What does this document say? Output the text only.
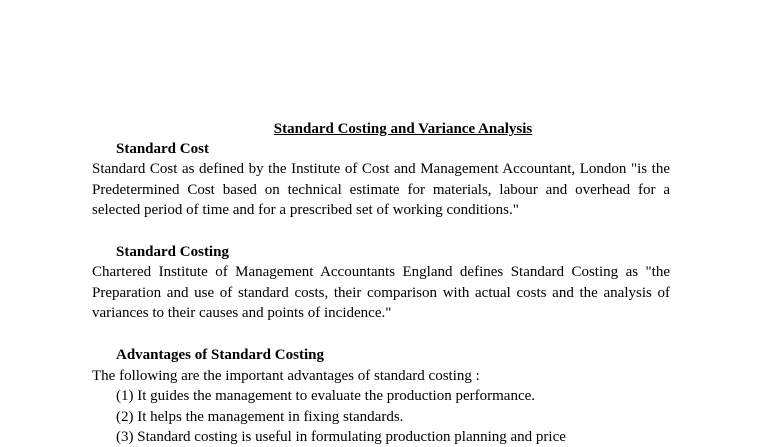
Standard Costing and Variance Analysis
Standard Cost
Standard Cost as defined by the Institute of Cost and Management Accountant, London "is the Predetermined Cost based on technical estimate for materials, labour and overhead for a selected period of time and for a prescribed set of working conditions."
Standard Costing
Chartered Institute of Management Accountants England defines Standard Costing as "the Preparation and use of standard costs, their comparison with actual costs and the analysis of variances to their causes and points of incidence."
Advantages of Standard Costing
The following are the important advantages of standard costing :
(1) It guides the management to evaluate the production performance.
(2) It helps the management in fixing standards.
(3) Standard costing is useful in formulating production planning and price
